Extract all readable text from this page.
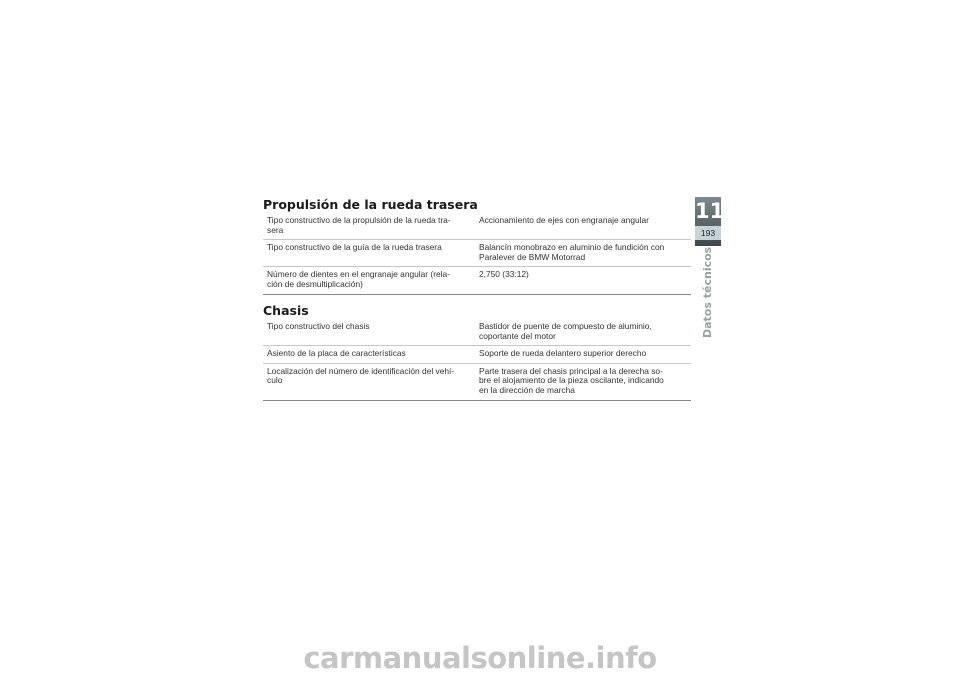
Propulsión de la rueda trasera
Tipo constructivo de la propulsión de la rueda tra-
sera	Accionamiento de ejes con engranaje angular
Tipo constructivo de la guía de la rueda trasera	Balancín monobrazo en aluminio de fundición con
Paralever de BMW Motorrad
Número de dientes en el engranaje angular (rela-
ción de desmultiplicación)	2,750 (33:12)
Chasis
Tipo constructivo del chasis	Bastidor de puente de compuesto de aluminio,
coportante del motor
Asiento de la placa de características	Soporte de rueda delantero superior derecho
Localización del número de identificación del vehí-
culo	Parte trasera del chasis principal a la derecha so-
bre el alojamiento de la pieza oscilante, indicando
en la dirección de marcha
11
193
Datos técnicos
carmanualsonline.info
